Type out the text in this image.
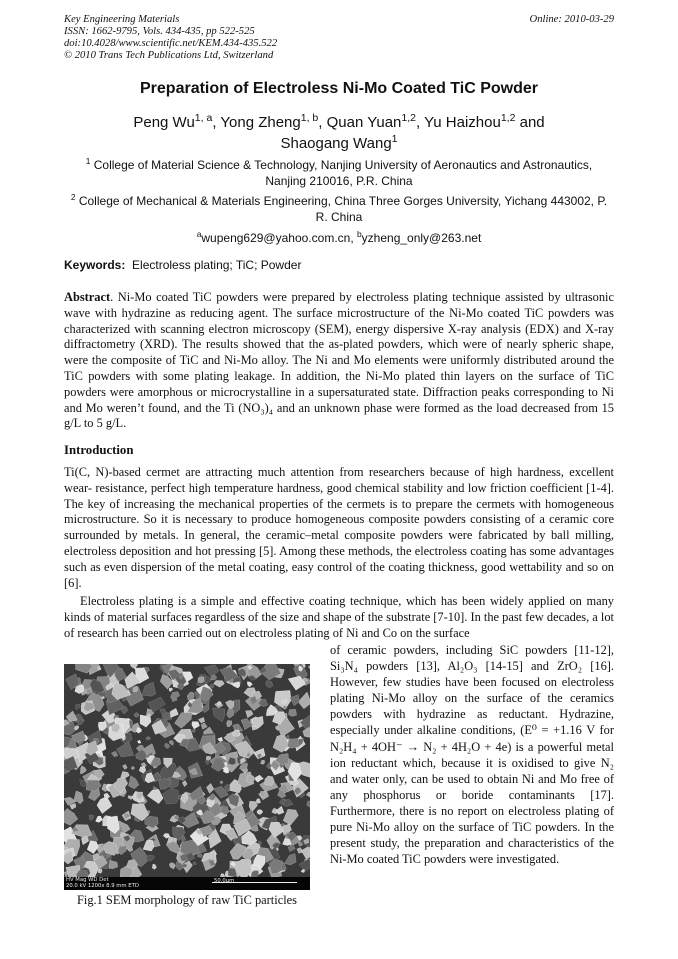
Key Engineering Materials
ISSN: 1662-9795, Vols. 434-435, pp 522-525
doi:10.4028/www.scientific.net/KEM.434-435.522
© 2010 Trans Tech Publications Ltd, Switzerland
Online: 2010-03-29
Preparation of Electroless Ni-Mo Coated TiC Powder
Peng Wu$^{1, a}$, Yong Zheng$^{1, b}$, Quan Yuan$^{1,2}$, Yu Haizhou$^{1,2}$ and
Shaogang Wang$^1$
$^1$ College of Material Science & Technology, Nanjing University of Aeronautics and Astronautics, Nanjing 210016, P.R. China
$^2$ College of Mechanical & Materials Engineering, China Three Gorges University, Yichang 443002, P. R. China
$^a$wupeng629@yahoo.com.cn, $^b$yzheng_only@263.net
Keywords: Electroless plating; TiC; Powder
Abstract. Ni-Mo coated TiC powders were prepared by electroless plating technique assisted by ultrasonic wave with hydrazine as reducing agent. The surface microstructure of the Ni-Mo coated TiC powders was characterized with scanning electron microscopy (SEM), energy dispersive X-ray analysis (EDX) and X-ray diffractometry (XRD). The results showed that the as-plated powders, which were of nearly spheric shape, were the composite of TiC and Ni-Mo alloy. The Ni and Mo elements were uniformly distributed around the TiC powders with some plating leakage. In addition, the Ni-Mo plated thin layers on the surface of TiC powders were amorphous or microcrystalline in a supersaturated state. Diffraction peaks corresponding to Ni and Mo weren’t found, and the Ti (NO₃)₄ and an unknown phase were formed as the load decreased from 15 g/L to 5 g/L.
Introduction
Ti(C, N)-based cermet are attracting much attention from researchers because of high hardness, excellent wear- resistance, perfect high temperature hardness, good chemical stability and low friction coefficient [1-4]. The key of increasing the mechanical properties of the cermets is to prepare the cermets with homogeneous microstructure. So it is necessary to produce homogeneous composite powders consisting of a ceramic core surrounded by metals. In general, the ceramic–metal composite powders were fabricated by ball milling, electroless deposition and hot pressing [5]. Among these methods, the electroless coating has some advantages such as even dispersion of the metal coating, easy control of the coating thickness, good wettability and so on [6].
Electroless plating is a simple and effective coating technique, which has been widely applied on many kinds of material surfaces regardless of the size and shape of the substrate [7-10]. In the past few decades, a lot of research has been carried out on electroless plating of Ni and Co on the surface
of ceramic powders, including SiC powders [11-12], Si₃N₄ powders [13], Al₂O₃ [14-15] and ZrO₂ [16]. However, few studies have been focused on electroless plating Ni-Mo alloy on the surface of the ceramics powders with hydrazine as reductant. Hydrazine, especially under alkaline conditions, (E⁰ = +1.16 V for N₂H₄ + 4OH⁻ → N₂ + 4H₂O + 4e) is a powerful metal ion reductant which, because it is oxidised to give N₂ and water only, can be used to obtain Ni and Mo free of any phosphorus or boride contaminants [17]. Furthermore, there is no report on electroless plating of pure Ni-Mo alloy on the surface of TiC powders. In the present study, the preparation and characteristics of the Ni-Mo coated TiC powders were investigated.
HV Mag WD Det
20.0 kV 1200x 8.9 mm ETD
50.0µm
Fig.1 SEM morphology of raw TiC particles
